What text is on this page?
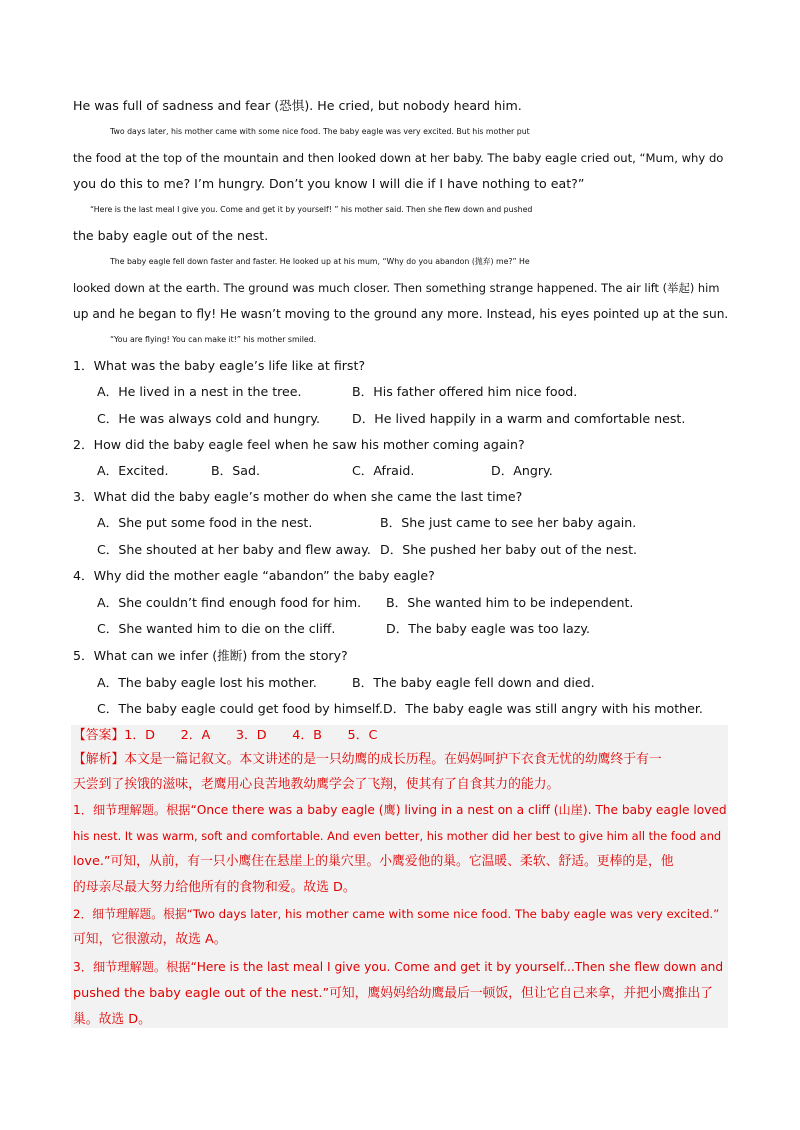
He was full of sadness and fear (恐惧). He cried, but nobody heard him.
Two days later, his mother came with some nice food. The baby eagle was very excited. But his mother put
the food at the top of the mountain and then looked down at her baby. The baby eagle cried out, “Mum, why do
you do this to me? I’m hungry. Don’t you know I will die if I have nothing to eat?”
“Here is the last meal I give you. Come and get it by yourself! ” his mother said. Then she flew down and pushed
the baby eagle out of the nest.
The baby eagle fell down faster and faster. He looked up at his mum, “Why do you abandon (抛弃) me?” He
looked down at the earth. The ground was much closer. Then something strange happened. The air lift (举起) him
up and he began to fly! He wasn’t moving to the ground any more. Instead, his eyes pointed up at the sun.
“You are flying! You can make it!” his mother smiled.
1．What was the baby eagle’s life like at first?
A．He lived in a nest in the tree.	B．His father offered him nice food.
C．He was always cold and hungry.	D．He lived happily in a warm and comfortable nest.
2．How did the baby eagle feel when he saw his mother coming again?
A．Excited.	B．Sad.	C．Afraid.	D．Angry.
3．What did the baby eagle’s mother do when she came the last time?
A．She put some food in the nest.	B．She just came to see her baby again.
C．She shouted at her baby and flew away. D．She pushed her baby out of the nest.
4．Why did the mother eagle “abandon” the baby eagle?
A．She couldn’t find enough food for him. B．She wanted him to be independent.
C．She wanted him to die on the cliff.	D．The baby eagle was too lazy.
5．What can we infer (推断) from the story?
A．The baby eagle lost his mother.	B．The baby eagle fell down and died.
C．The baby eagle could get food by himself. D．The baby eagle was still angry with his mother.
【答案】1．D　　2．A　　3．D　　4．B　　5．C
【解析】本文是一篇记叙文。本文讲述的是一只幼鹰的成长历程。在妈妈呵护下衣食无忧的幼鹰终于有一
天尝到了挨饿的滋味，老鹰用心良苦地教幼鹰学会了飞翔，使其有了自食其力的能力。
1．细节理解题。根据“Once there was a baby eagle (鹰) living in a nest on a cliff (山崖). The baby eagle loved
his nest. It was warm, soft and comfortable. And even better, his mother did her best to give him all the food and
love.”可知，从前，有一只小鹰住在悬崖上的巢穴里。小鹰爱他的巢。它温暖、柔软、舒适。更棒的是，他
的母亲尽最大努力给他所有的食物和爱。故选 D。
2．细节理解题。根据“Two days later, his mother came with some nice food. The baby eagle was very excited.”
可知，它很激动，故选 A。
3．细节理解题。根据“Here is the last meal I give you. Come and get it by yourself...Then she flew down and
pushed the baby eagle out of the nest.”可知，鹰妈妈给幼鹰最后一顿饭，但让它自己来拿，并把小鹰推出了
巢。故选 D。
